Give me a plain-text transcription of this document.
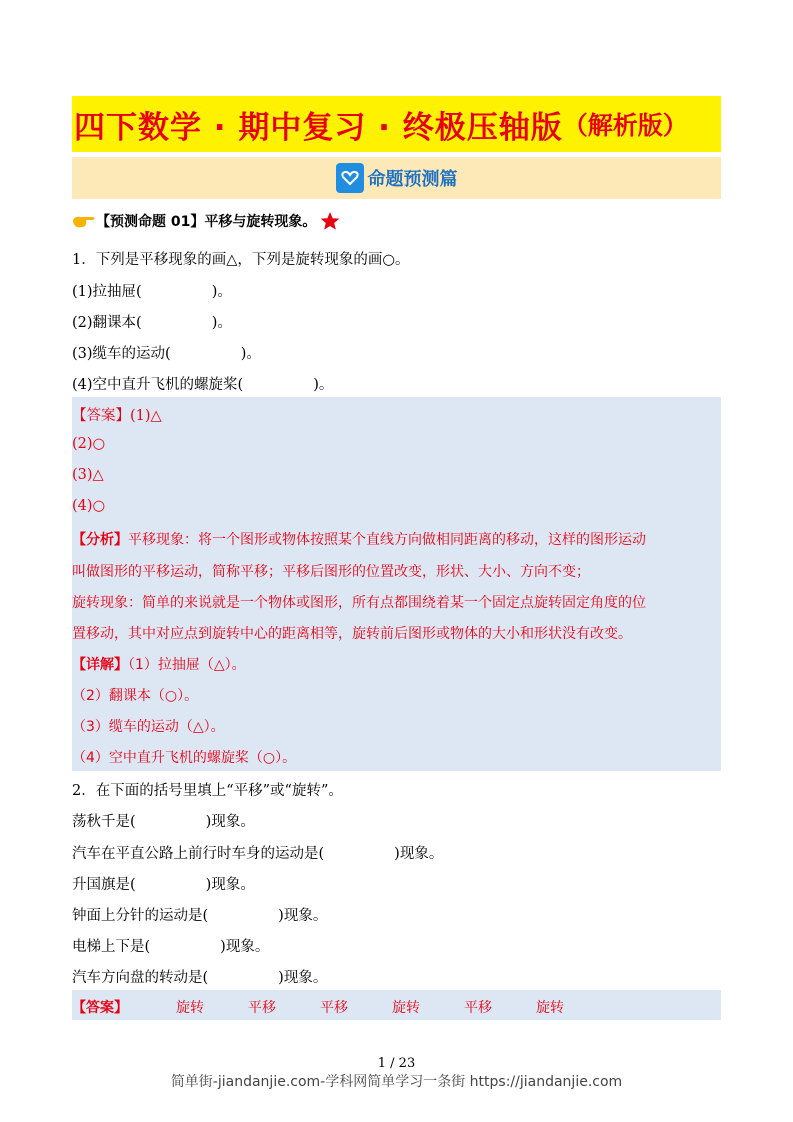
四下数学 · 期中复习 · 终极压轴版 （解析版）
命题预测篇
【预测命题 01】平移与旋转现象。
1．下列是平移现象的画△，下列是旋转现象的画○。
(1)拉抽屉(	)。
(2)翻课本(	)。
(3)缆车的运动(	)。
(4)空中直升飞机的螺旋桨(	)。
【答案】(1)△
(2)○
(3)△
(4)○
【分析】平移现象：将一个图形或物体按照某个直线方向做相同距离的移动，这样的图形运动
叫做图形的平移运动，简称平移；平移后图形的位置改变，形状、大小、方向不变；
旋转现象：简单的来说就是一个物体或图形，所有点都围绕着某一个固定点旋转固定角度的位
置移动，其中对应点到旋转中心的距离相等，旋转前后图形或物体的大小和形状没有改变。
【详解】（1）拉抽屉（△）。
（2）翻课本（○）。
（3）缆车的运动（△）。
（4）空中直升飞机的螺旋桨（○）。
2．在下面的括号里填上“平移”或“旋转”。
荡秋千是(	)现象。
汽车在平直公路上前行时车身的运动是(	)现象。
升国旗是(	)现象。
钟面上分针的运动是(	)现象。
电梯上下是(	)现象。
汽车方向盘的转动是(	)现象。
【答案】	旋转	平移	平移	旋转	平移	旋转
1 / 23
简单街-jiandanjie.com-学科网简单学习一条街 https://jiandanjie.com
